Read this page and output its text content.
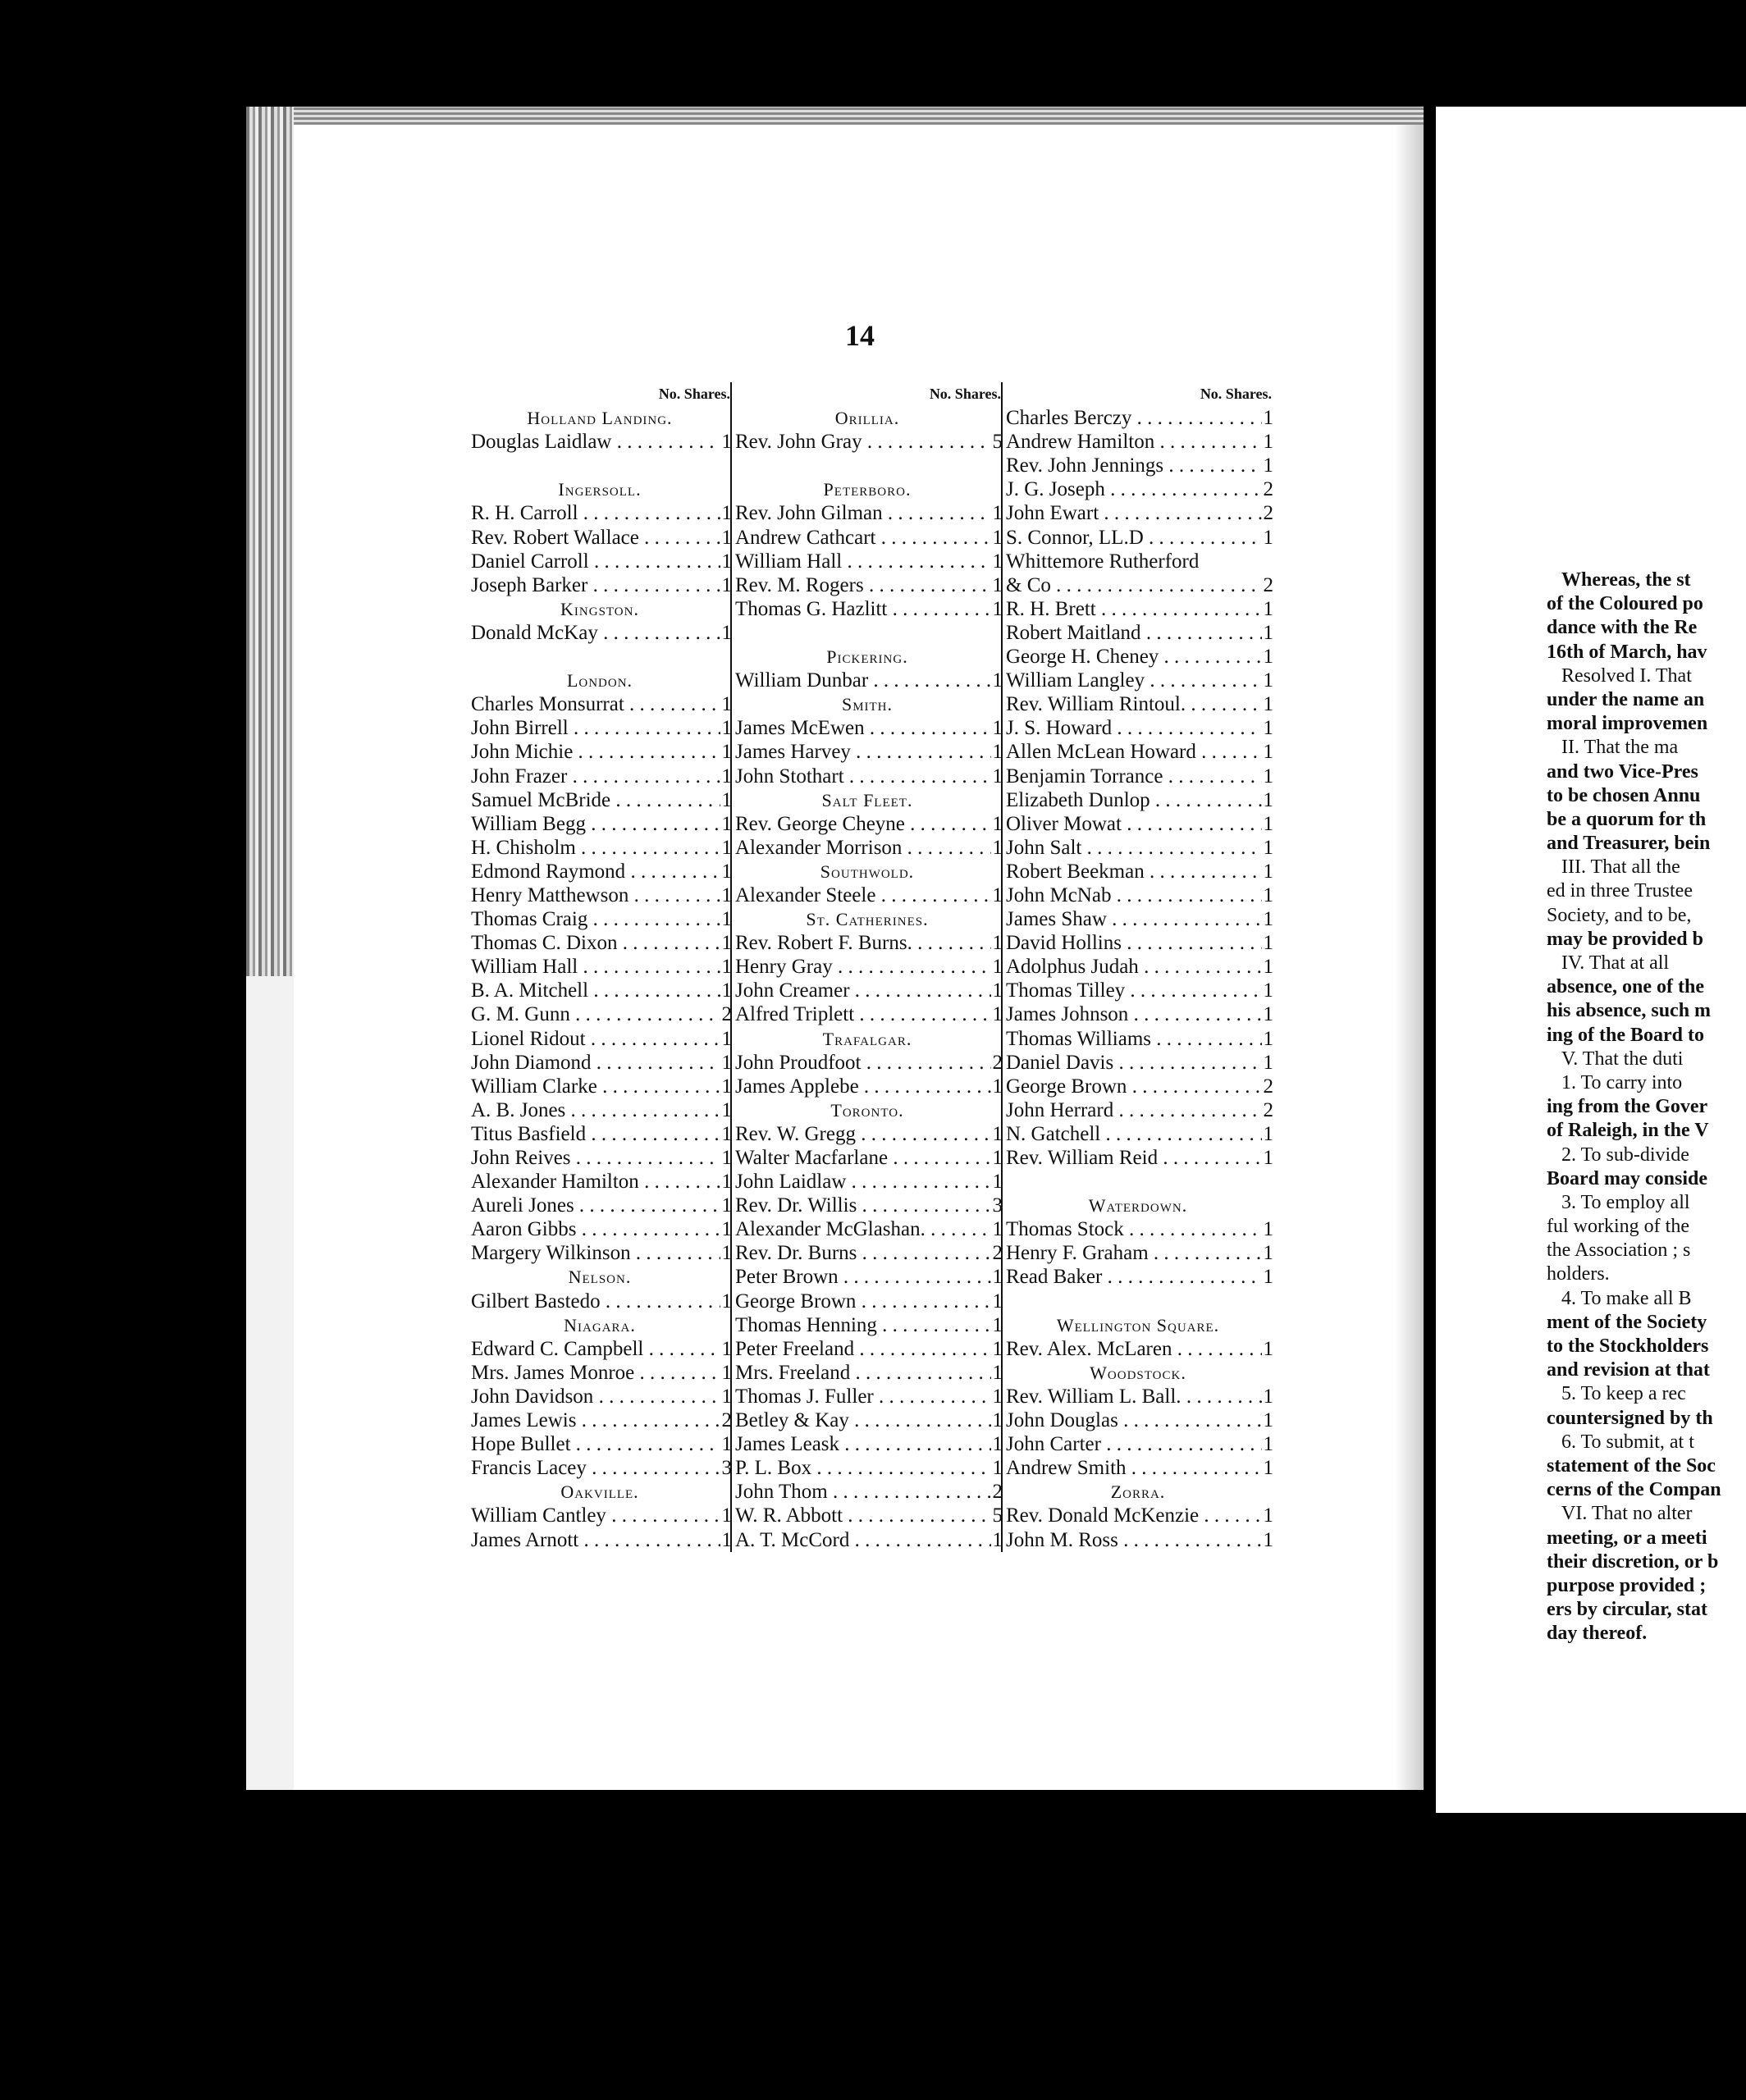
14
No. Shares.
Holland Landing.
Douglas Laidlaw . . .	1
Ingersoll.
R. H. Carroll . . .	1
Rev. Robert Wallace . . .	1
Daniel Carroll . . .	1
Joseph Barker . . .	1
Kingston.
Donald McKay . . .	1
London.
Charles Monsurrat . . .	1
John Birrell . . .	1
John Michie . . .	1
John Frazer . . .	1
Samuel McBride . . .	1
William Begg . . .	1
H. Chisholm . . .	1
Edmond Raymond . . .	1
Henry Matthewson . . .	1
Thomas Craig . . .	1
Thomas C. Dixon . . .	1
William Hall . . .	1
B. A. Mitchell . . .	1
G. M. Gunn . . .	2
Lionel Ridout . . .	1
John Diamond . . .	1
William Clarke . . .	1
A. B. Jones . . .	1
Titus Basfield . . .	1
John Reives . . .	1
Alexander Hamilton . . .	1
Aureli Jones . . .	1
Aaron Gibbs . . .	1
Margery Wilkinson . . .	1
Nelson.
Gilbert Bastedo . . .	1
Niagara.
Edward C. Campbell . . .	1
Mrs. James Monroe . . .	1
John Davidson . . .	1
James Lewis . . .	2
Hope Bullet . . .	1
Francis Lacey . . .	3
Oakville.
William Cantley . . .	1
James Arnott . . .	1
No. Shares.
Orillia.
Rev. John Gray . . .	5
Peterboro.
Rev. John Gilman . . .	1
Andrew Cathcart . . .	1
William Hall . . .	1
Rev. M. Rogers . . .	1
Thomas G. Hazlitt . . .	1
Pickering.
William Dunbar . . .	1
Smith.
James McEwen . . .	1
James Harvey . . .	1
John Stothart . . .	1
Salt Fleet.
Rev. George Cheyne . . .	1
Alexander Morrison . . .	1
Southwold.
Alexander Steele . . .	1
St. Catherines.
Rev. Robert F. Burns. . . .	1
Henry Gray . . .	1
John Creamer . . .	1
Alfred Triplett . . .	1
Trafalgar.
John Proudfoot . . .	2
James Applebe . . .	1
Toronto.
Rev. W. Gregg . . .	1
Walter Macfarlane . . .	1
John Laidlaw . . .	1
Rev. Dr. Willis . . .	3
Alexander McGlashan. . . .	1
Rev. Dr. Burns . . .	2
Peter Brown . . .	1
George Brown . . .	1
Thomas Henning . . .	1
Peter Freeland . . .	1
Mrs. Freeland . . .	1
Thomas J. Fuller . . .	1
Betley & Kay . . .	1
James Leask . . .	1
P. L. Box . . .	1
John Thom . . .	2
W. R. Abbott . . .	5
A. T. McCord . . .	1
No. Shares.
Charles Berczy . . .	1
Andrew Hamilton . . .	1
Rev. John Jennings . . .	1
J. G. Joseph . . .	2
John Ewart . . .	2
S. Connor, LL.D . . .	1
Whittemore Rutherford
& Co . . .	2
R. H. Brett . . .	1
Robert Maitland . . .	1
George H. Cheney . . .	1
William Langley . . .	1
Rev. William Rintoul. . . .	1
J. S. Howard . . .	1
Allen McLean Howard . . .	1
Benjamin Torrance . . .	1
Elizabeth Dunlop . . .	1
Oliver Mowat . . .	1
John Salt . . .	1
Robert Beekman . . .	1
John McNab . . .	1
James Shaw . . .	1
David Hollins . . .	1
Adolphus Judah . . .	1
Thomas Tilley . . .	1
James Johnson . . .	1
Thomas Williams . . .	1
Daniel Davis . . .	1
George Brown . . .	2
John Herrard . . .	2
N. Gatchell . . .	1
Rev. William Reid . . .	1
Waterdown.
Thomas Stock . . .	1
Henry F. Graham . . .	1
Read Baker . . .	1
Wellington Square.
Rev. Alex. McLaren . . .	1
Woodstock.
Rev. William L. Ball. . . .	1
John Douglas . . .	1
John Carter . . .	1
Andrew Smith . . .	1
Zorra.
Rev. Donald McKenzie . . .	1
John M. Ross . . .	1

Whereas, the st

of the Coloured po

dance with the Re

16th of March, hav

Resolved I. That

under the name an

moral improvemen

II. That the ma

and two Vice-Pres

to be chosen Annu

be a quorum for th

and Treasurer, bein

III. That all the

ed in three Trustee

Society, and to be,

may be provided b

IV. That at all

absence, one of the

his absence, such m

ing of the Board to

V. That the duti

1. To carry into

ing from the Gover

of Raleigh, in the V

2. To sub-divide

Board may conside

3. To employ all

ful working of the

the Association ; s

holders.

4. To make all B

ment of the Society

to the Stockholders

and revision at that

5. To keep a rec

countersigned by th

6. To submit, at t

statement of the Soc

cerns of the Compan

VI. That no alter

meeting, or a meeti

their discretion, or b

purpose provided ;

ers by circular, stat

day thereof.
